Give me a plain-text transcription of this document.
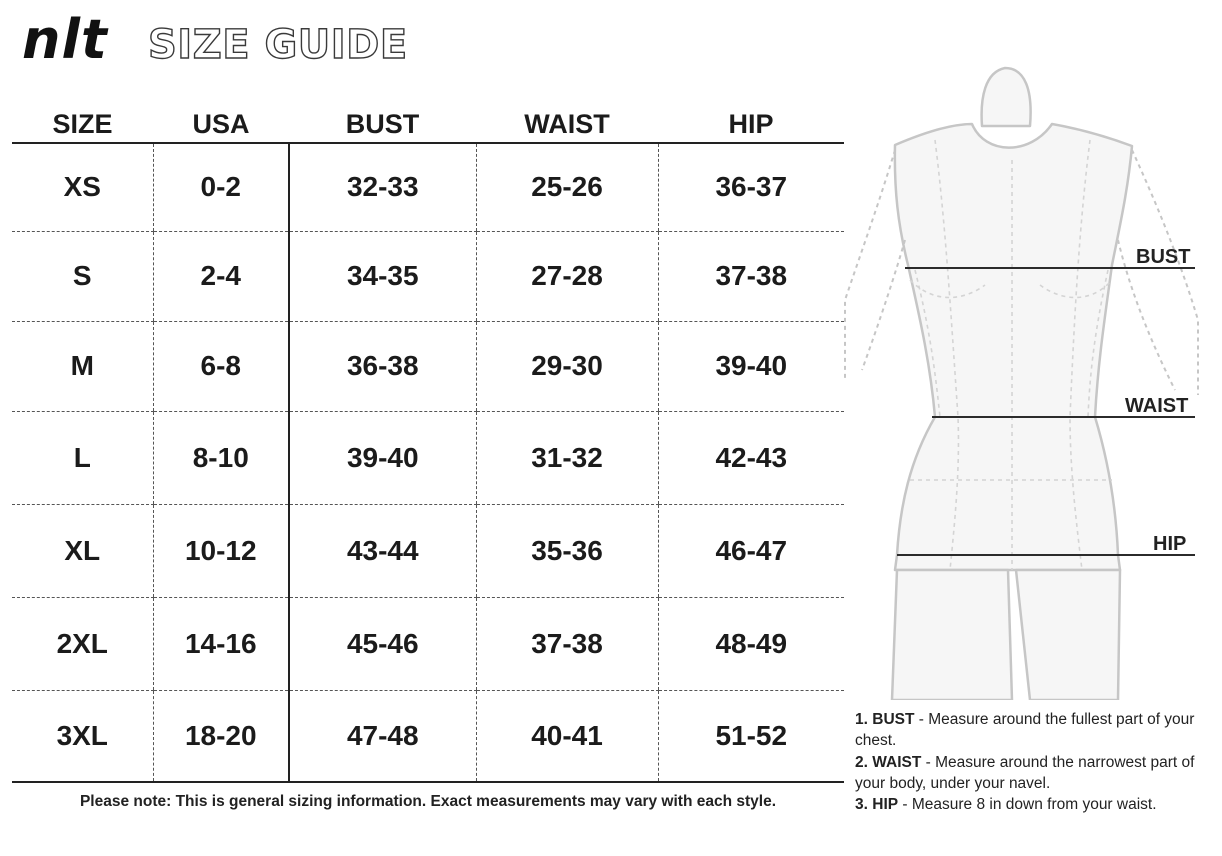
nlt SIZE GUIDE
SIZE	USA	BUST	WAIST	HIP
XS	0-2	32-33	25-26	36-37
S	2-4	34-35	27-28	37-38
M	6-8	36-38	29-30	39-40
L	8-10	39-40	31-32	42-43
XL	10-12	43-44	35-36	46-47
2XL	14-16	45-46	37-38	48-49
3XL	18-20	47-48	40-41	51-52
Please note: This is general sizing information. Exact measurements may vary with each style.
BUST
WAIST
HIP
1. BUST - Measure around the fullest part of your chest.
2. WAIST - Measure around the narrowest part of your body, under your navel.
3. HIP - Measure 8 in down from your waist.
